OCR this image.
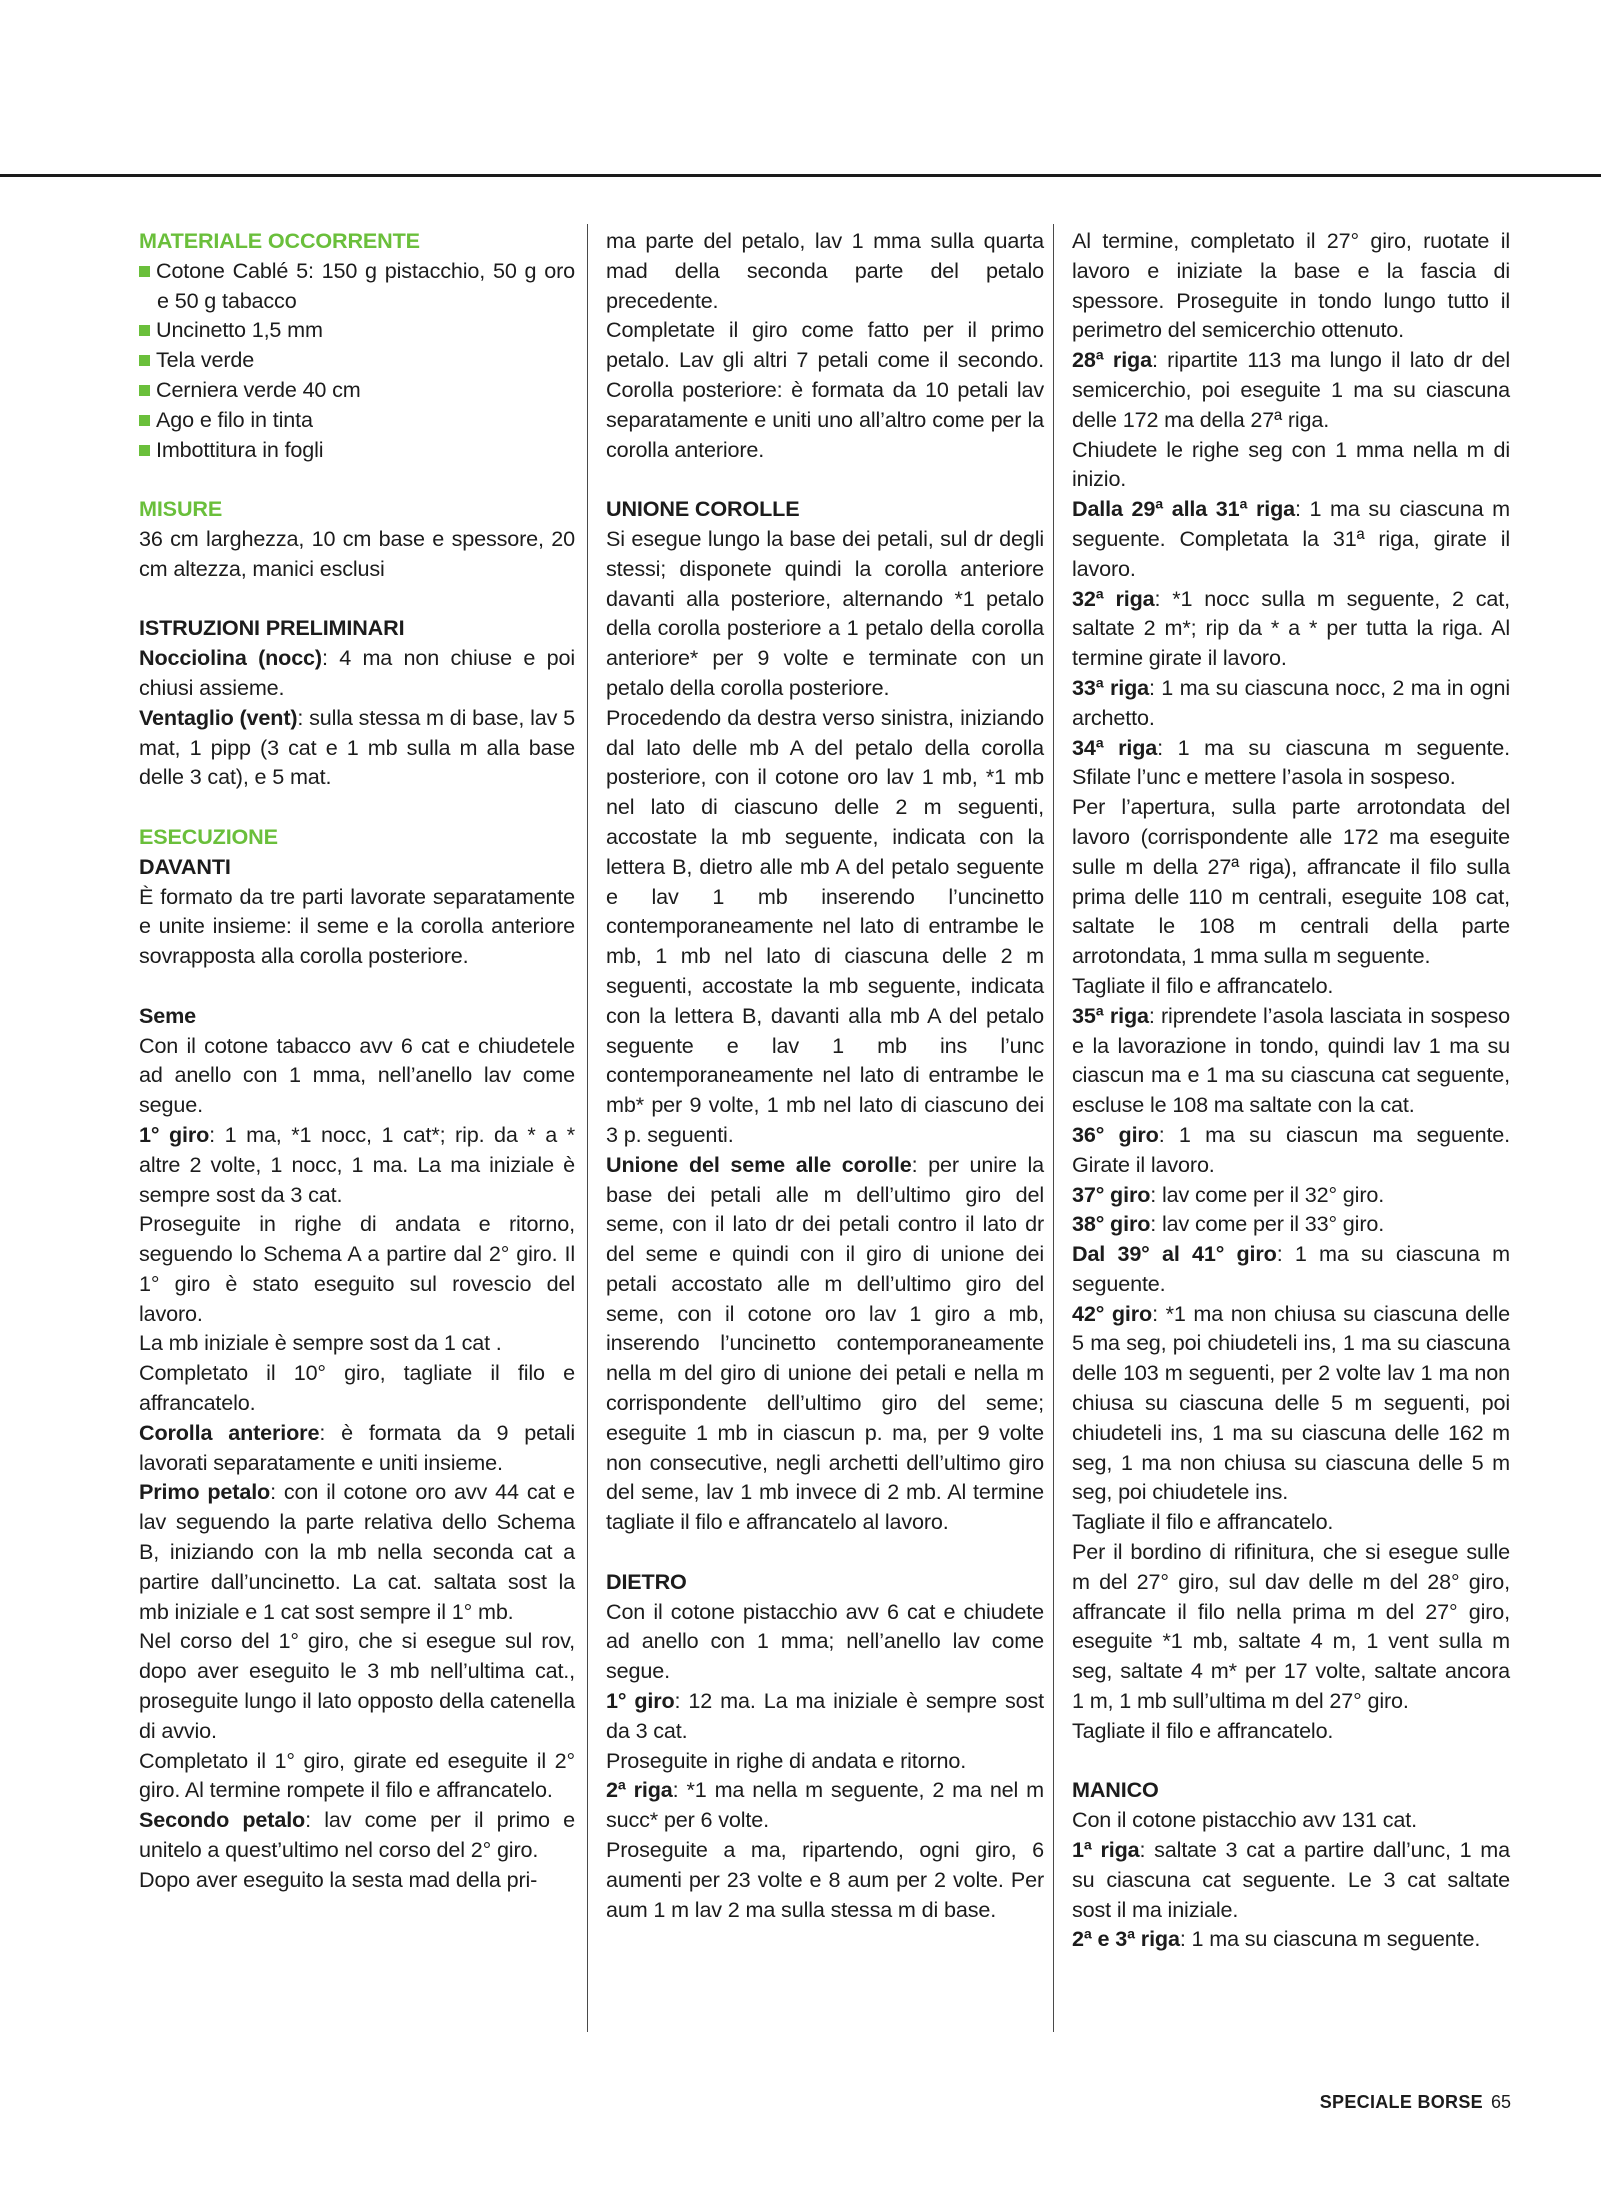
MATERIALE OCCORRENTE

Cotone Cablé 5: 150 g pistacchio, 50 g oro e 50 g tabacco

Uncinetto 1,5 mm

Tela verde

Cerniera verde 40 cm

Ago e filo in tinta

Imbottitura in fogli

MISURE

36 cm larghezza, 10 cm base e spessore, 20 cm altezza, manici esclusi

ISTRUZIONI PRELIMINARI

Nocciolina (nocc): 4 ma non chiuse e poi chiusi assieme.

Ventaglio (vent): sulla stessa m di base, lav 5 mat, 1 pipp (3 cat e 1 mb sulla m alla base delle 3 cat), e 5 mat.

ESECUZIONE

DAVANTI

È formato da tre parti lavorate separatamente e unite insieme: il seme e la corolla anteriore sovrapposta alla corolla posteriore.

Seme

Con il cotone tabacco avv 6 cat e chiudetele ad anello con 1 mma, nell’anello lav come segue.

1° giro: 1 ma, *1 nocc, 1 cat*; rip. da * a * altre 2 volte, 1 nocc, 1 ma. La ma iniziale è sempre sost da 3 cat.

Proseguite in righe di andata e ritorno, seguendo lo Schema A a partire dal 2° giro. Il 1° giro è stato eseguito sul rovescio del lavoro.

La mb iniziale è sempre sost da 1 cat .

Completato il 10° giro, tagliate il filo e affrancatelo.

Corolla anteriore: è formata da 9 petali lavorati separatamente e uniti insieme.

Primo petalo: con il cotone oro avv 44 cat e lav seguendo la parte relativa dello Schema B, iniziando con la mb nella seconda cat a partire dall’uncinetto. La cat. saltata sost la mb iniziale e 1 cat sost sempre il 1° mb.

Nel corso del 1° giro, che si esegue sul rov, dopo aver eseguito le 3 mb nell’ultima cat., proseguite lungo il lato opposto della catenella di avvio.

Completato il 1° giro, girate ed eseguite il 2° giro. Al termine rompete il filo e affrancatelo.

Secondo petalo: lav come per il primo e unitelo a quest’ultimo nel corso del 2° giro.

Dopo aver eseguito la sesta mad della pri-

ma parte del petalo, lav 1 mma sulla quarta mad della seconda parte del petalo precedente.

Completate il giro come fatto per il primo petalo. Lav gli altri 7 petali come il secondo. Corolla posteriore: è formata da 10 petali lav separatamente e uniti uno all’altro come per la corolla anteriore.

UNIONE COROLLE

Si esegue lungo la base dei petali, sul dr degli stessi; disponete quindi la corolla anteriore davanti alla posteriore, alternando *1 petalo della corolla posteriore a 1 petalo della corolla anteriore* per 9 volte e terminate con un petalo della corolla posteriore.

Procedendo da destra verso sinistra, iniziando dal lato delle mb A del petalo della corolla posteriore, con il cotone oro lav 1 mb, *1 mb nel lato di ciascuno delle 2 m seguenti, accostate la mb seguente, indicata con la lettera B, dietro alle mb A del petalo seguente e lav 1 mb inserendo l’uncinetto contemporaneamente nel lato di entrambe le mb, 1 mb nel lato di ciascuna delle 2 m seguenti, accostate la mb seguente, indicata con la lettera B, davanti alla mb A del petalo seguente e lav 1 mb ins l’unc contemporaneamente nel lato di entrambe le mb* per 9 volte, 1 mb nel lato di ciascuno dei 3 p. seguenti.

Unione del seme alle corolle: per unire la base dei petali alle m dell’ultimo giro del seme, con il lato dr dei petali contro il lato dr del seme e quindi con il giro di unione dei petali accostato alle m dell’ultimo giro del seme, con il cotone oro lav 1 giro a mb, inserendo l’uncinetto contemporaneamente nella m del giro di unione dei petali e nella m corrispondente dell’ultimo giro del seme; eseguite 1 mb in ciascun p. ma, per 9 volte non consecutive, negli archetti dell’ultimo giro del seme, lav 1 mb invece di 2 mb. Al termine tagliate il filo e affrancatelo al lavoro.

DIETRO

Con il cotone pistacchio avv 6 cat e chiudete ad anello con 1 mma; nell’anello lav come segue.

1° giro: 12 ma. La ma iniziale è sempre sost da 3 cat.

Proseguite in righe di andata e ritorno.

2ª riga: *1 ma nella m seguente, 2 ma nel m succ* per 6 volte.

Proseguite a ma, ripartendo, ogni giro, 6 aumenti per 23 volte e 8 aum per 2 volte. Per aum 1 m lav 2 ma sulla stessa m di base.

Al termine, completato il 27° giro, ruotate il lavoro e iniziate la base e la fascia di spessore. Proseguite in tondo lungo tutto il perimetro del semicerchio ottenuto.

28ª riga: ripartite 113 ma lungo il lato dr del semicerchio, poi eseguite 1 ma su ciascuna delle 172 ma della 27ª riga.

Chiudete le righe seg con 1 mma nella m di inizio.

Dalla 29ª alla 31ª riga: 1 ma su ciascuna m seguente. Completata la 31ª riga, girate il lavoro.

32ª riga: *1 nocc sulla m seguente, 2 cat, saltate 2 m*; rip da * a * per tutta la riga. Al termine girate il lavoro.

33ª riga: 1 ma su ciascuna nocc, 2 ma in ogni archetto.

34ª riga: 1 ma su ciascuna m seguente. Sfilate l’unc e mettere l’asola in sospeso.

Per l’apertura, sulla parte arrotondata del lavoro (corrispondente alle 172 ma eseguite sulle m della 27ª riga), affrancate il filo sulla prima delle 110 m centrali, eseguite 108 cat, saltate le 108 m centrali della parte arrotondata, 1 mma sulla m seguente.

Tagliate il filo e affrancatelo.

35ª riga: riprendete l’asola lasciata in sospeso e la lavorazione in tondo, quindi lav 1 ma su ciascun ma e 1 ma su ciascuna cat seguente, escluse le 108 ma saltate con la cat.

36° giro: 1 ma su ciascun ma seguente. Girate il lavoro.

37° giro: lav come per il 32° giro.

38° giro: lav come per il 33° giro.

Dal 39° al 41° giro: 1 ma su ciascuna m seguente.

42° giro: *1 ma non chiusa su ciascuna delle 5 ma seg, poi chiudeteli ins, 1 ma su ciascuna delle 103 m seguenti, per 2 volte lav 1 ma non chiusa su ciascuna delle 5 m seguenti, poi chiudeteli ins, 1 ma su ciascuna delle 162 m seg, 1 ma non chiusa su ciascuna delle 5 m seg, poi chiudetele ins.

Tagliate il filo e affrancatelo.

Per il bordino di rifinitura, che si esegue sulle m del 27° giro, sul dav delle m del 28° giro, affrancate il filo nella prima m del 27° giro, eseguite *1 mb, saltate 4 m, 1 vent sulla m seg, saltate 4 m* per 17 volte, saltate ancora 1 m, 1 mb sull’ultima m del 27° giro.

Tagliate il filo e affrancatelo.

MANICO

Con il cotone pistacchio avv 131 cat.

1ª riga: saltate 3 cat a partire dall’unc, 1 ma su ciascuna cat seguente. Le 3 cat saltate sost il ma iniziale.

2ª e 3ª riga: 1 ma su ciascuna m seguente.

SPECIALE BORSE 65
